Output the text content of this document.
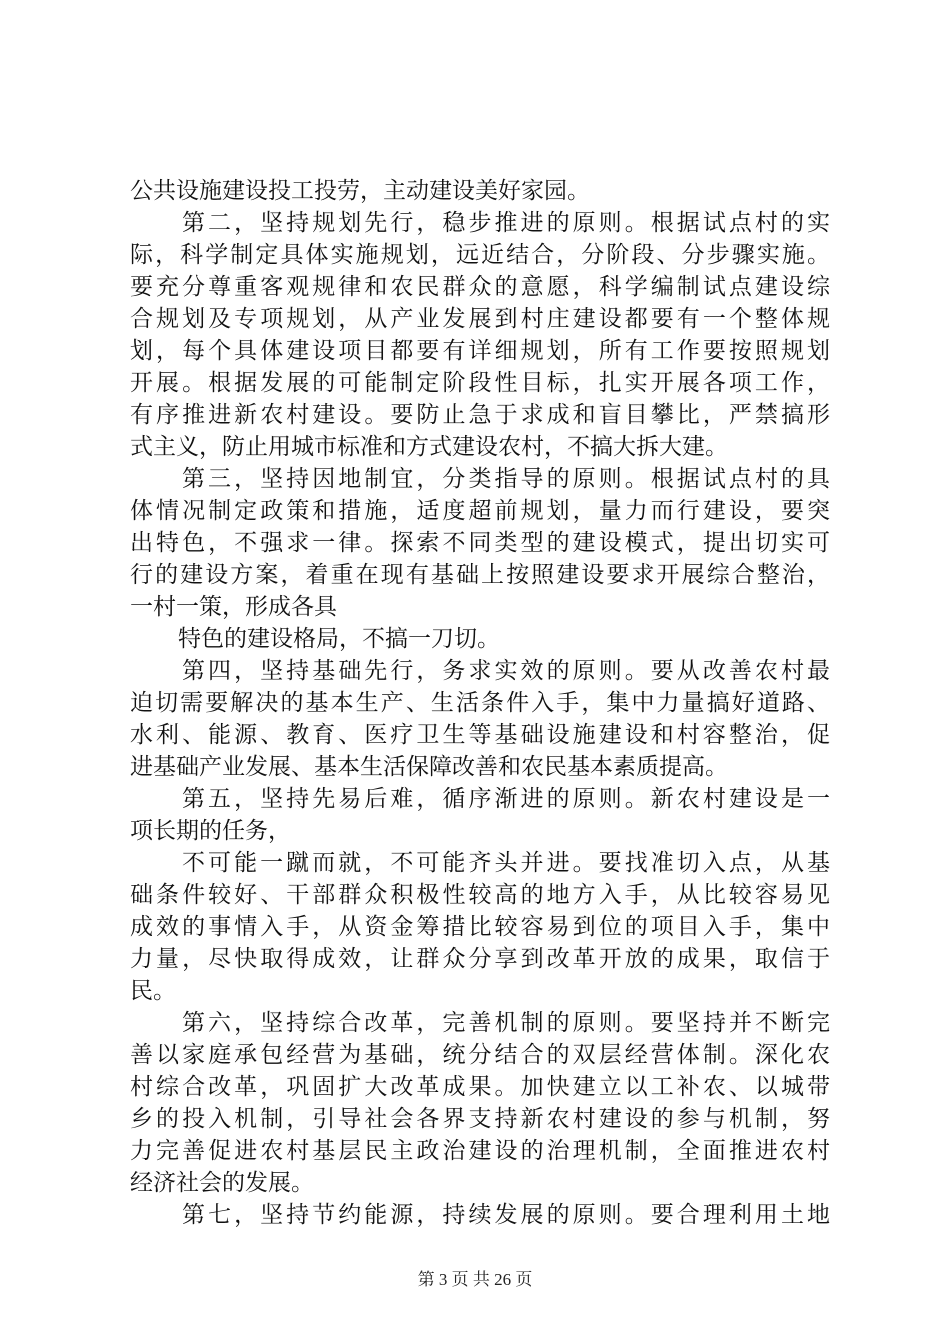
公共设施建设投工投劳，主动建设美好家园。
第二，坚持规划先行，稳步推进的原则。根据试点村的实
际，科学制定具体实施规划，远近结合，分阶段、分步骤实施。
要充分尊重客观规律和农民群众的意愿，科学编制试点建设综
合规划及专项规划，从产业发展到村庄建设都要有一个整体规
划，每个具体建设项目都要有详细规划，所有工作要按照规划
开展。根据发展的可能制定阶段性目标，扎实开展各项工作，
有序推进新农村建设。要防止急于求成和盲目攀比，严禁搞形
式主义，防止用城市标准和方式建设农村，不搞大拆大建。
第三，坚持因地制宜，分类指导的原则。根据试点村的具
体情况制定政策和措施，适度超前规划，量力而行建设，要突
出特色，不强求一律。探索不同类型的建设模式，提出切实可
行的建设方案，着重在现有基础上按照建设要求开展综合整治，
一村一策，形成各具
特色的建设格局，不搞一刀切。
第四，坚持基础先行，务求实效的原则。要从改善农村最
迫切需要解决的基本生产、生活条件入手，集中力量搞好道路、
水利、能源、教育、医疗卫生等基础设施建设和村容整治，促
进基础产业发展、基本生活保障改善和农民基本素质提高。
第五，坚持先易后难，循序渐进的原则。新农村建设是一
项长期的任务，
不可能一蹴而就，不可能齐头并进。要找准切入点，从基
础条件较好、干部群众积极性较高的地方入手，从比较容易见
成效的事情入手，从资金筹措比较容易到位的项目入手，集中
力量，尽快取得成效，让群众分享到改革开放的成果，取信于
民。
第六，坚持综合改革，完善机制的原则。要坚持并不断完
善以家庭承包经营为基础，统分结合的双层经营体制。深化农
村综合改革，巩固扩大改革成果。加快建立以工补农、以城带
乡的投入机制，引导社会各界支持新农村建设的参与机制，努
力完善促进农村基层民主政治建设的治理机制，全面推进农村
经济社会的发展。
第七，坚持节约能源，持续发展的原则。要合理利用土地
第 3 页 共 26 页
